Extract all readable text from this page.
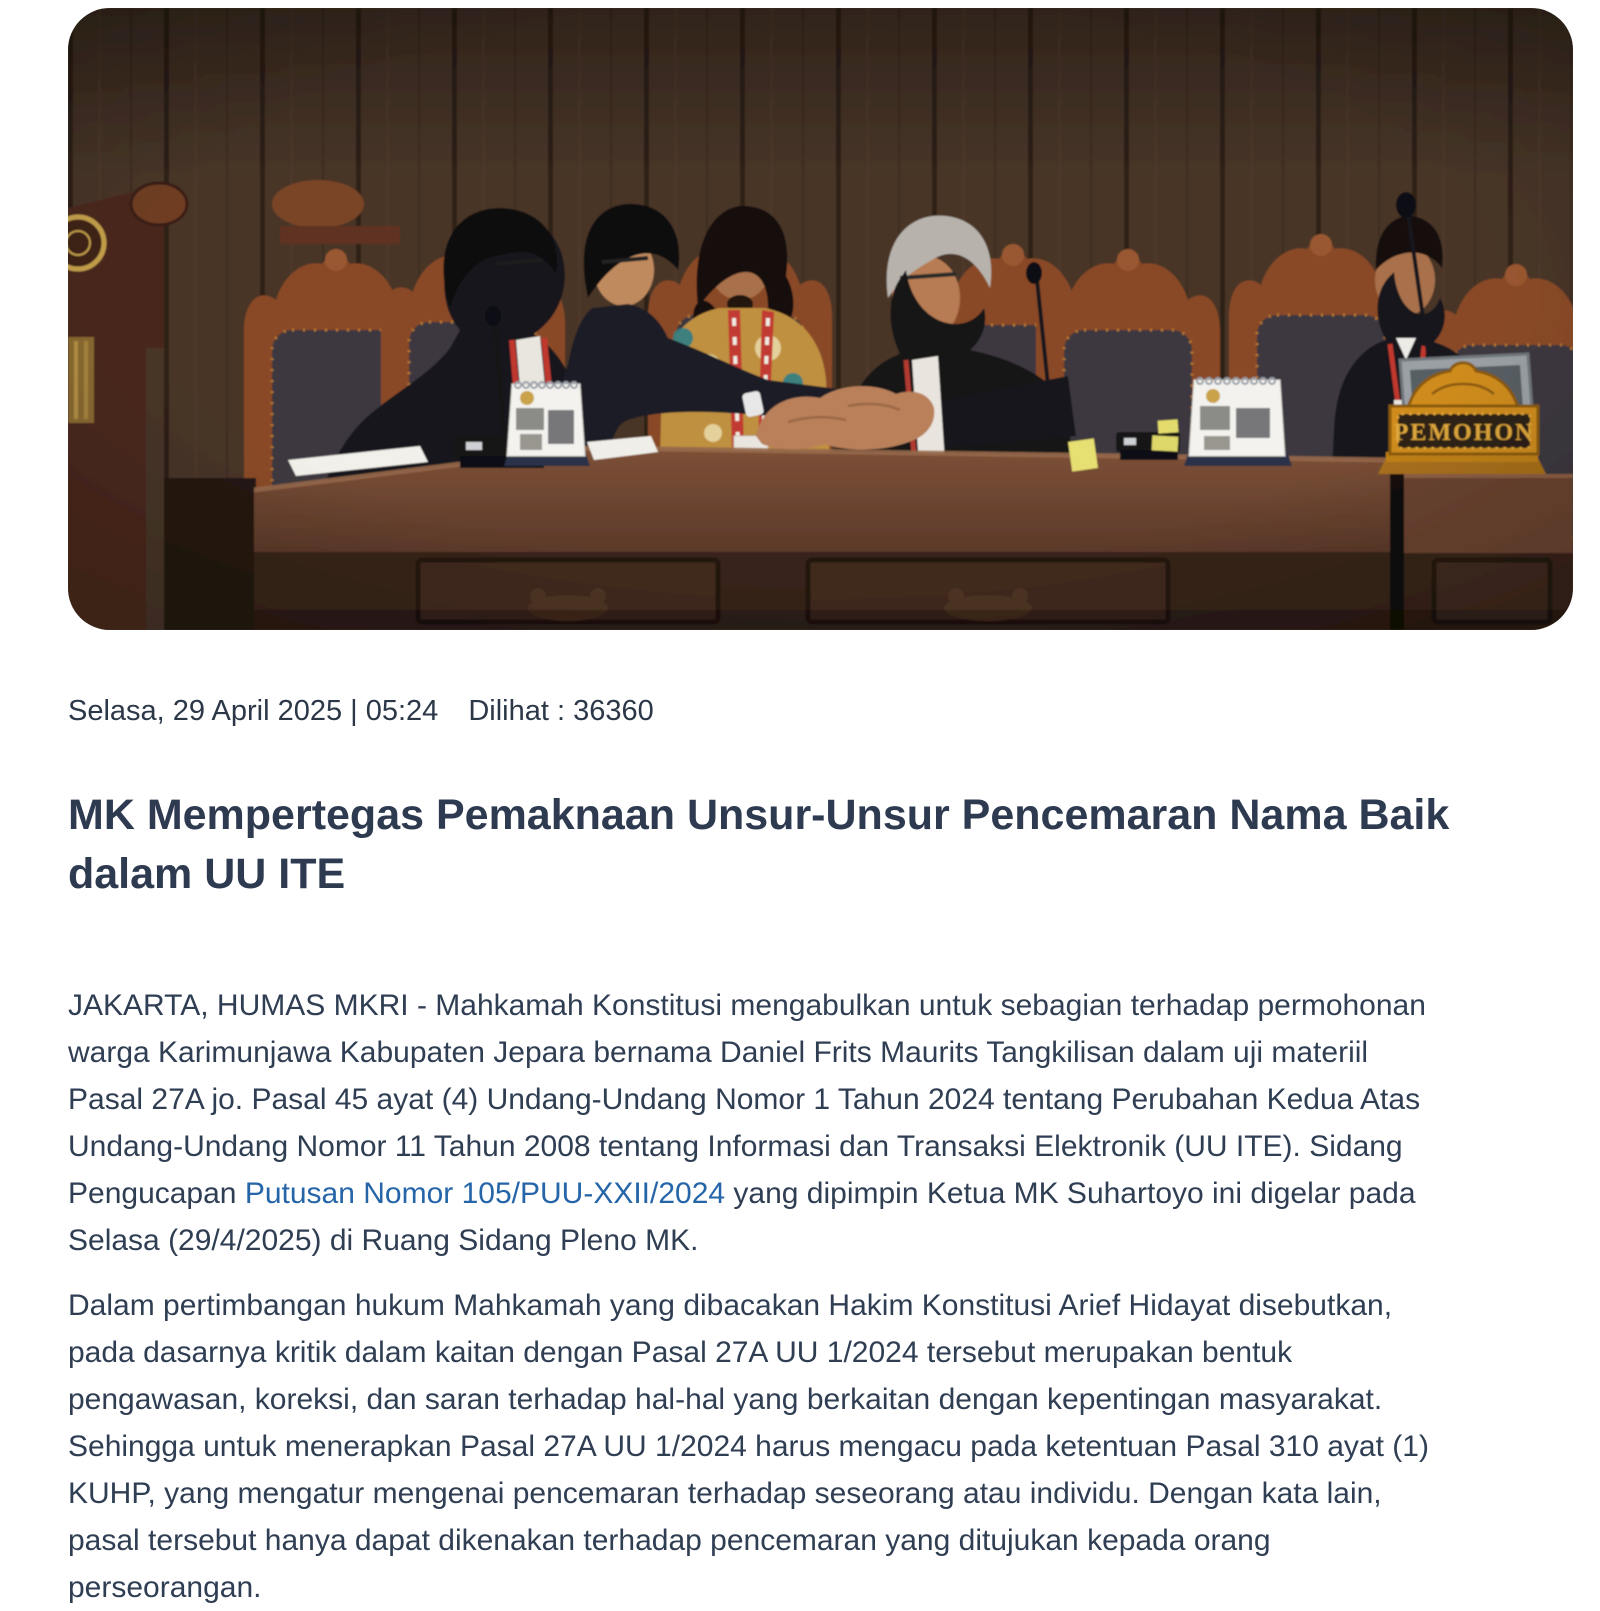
Selasa, 29 April 2025 | 05:24 Dilihat : 36360
MK Mempertegas Pemaknaan Unsur-Unsur Pencemaran Nama Baik
dalam UU ITE
JAKARTA, HUMAS MKRI - Mahkamah Konstitusi mengabulkan untuk sebagian terhadap permohonan
warga Karimunjawa Kabupaten Jepara bernama Daniel Frits Maurits Tangkilisan dalam uji materiil
Pasal 27A jo. Pasal 45 ayat (4) Undang-Undang Nomor 1 Tahun 2024 tentang Perubahan Kedua Atas
Undang-Undang Nomor 11 Tahun 2008 tentang Informasi dan Transaksi Elektronik (UU ITE). Sidang
Pengucapan Putusan Nomor 105/PUU-XXII/2024 yang dipimpin Ketua MK Suhartoyo ini digelar pada
Selasa (29/4/2025) di Ruang Sidang Pleno MK.
Dalam pertimbangan hukum Mahkamah yang dibacakan Hakim Konstitusi Arief Hidayat disebutkan,
pada dasarnya kritik dalam kaitan dengan Pasal 27A UU 1/2024 tersebut merupakan bentuk
pengawasan, koreksi, dan saran terhadap hal-hal yang berkaitan dengan kepentingan masyarakat.
Sehingga untuk menerapkan Pasal 27A UU 1/2024 harus mengacu pada ketentuan Pasal 310 ayat (1)
KUHP, yang mengatur mengenai pencemaran terhadap seseorang atau individu. Dengan kata lain,
pasal tersebut hanya dapat dikenakan terhadap pencemaran yang ditujukan kepada orang
perseorangan.
